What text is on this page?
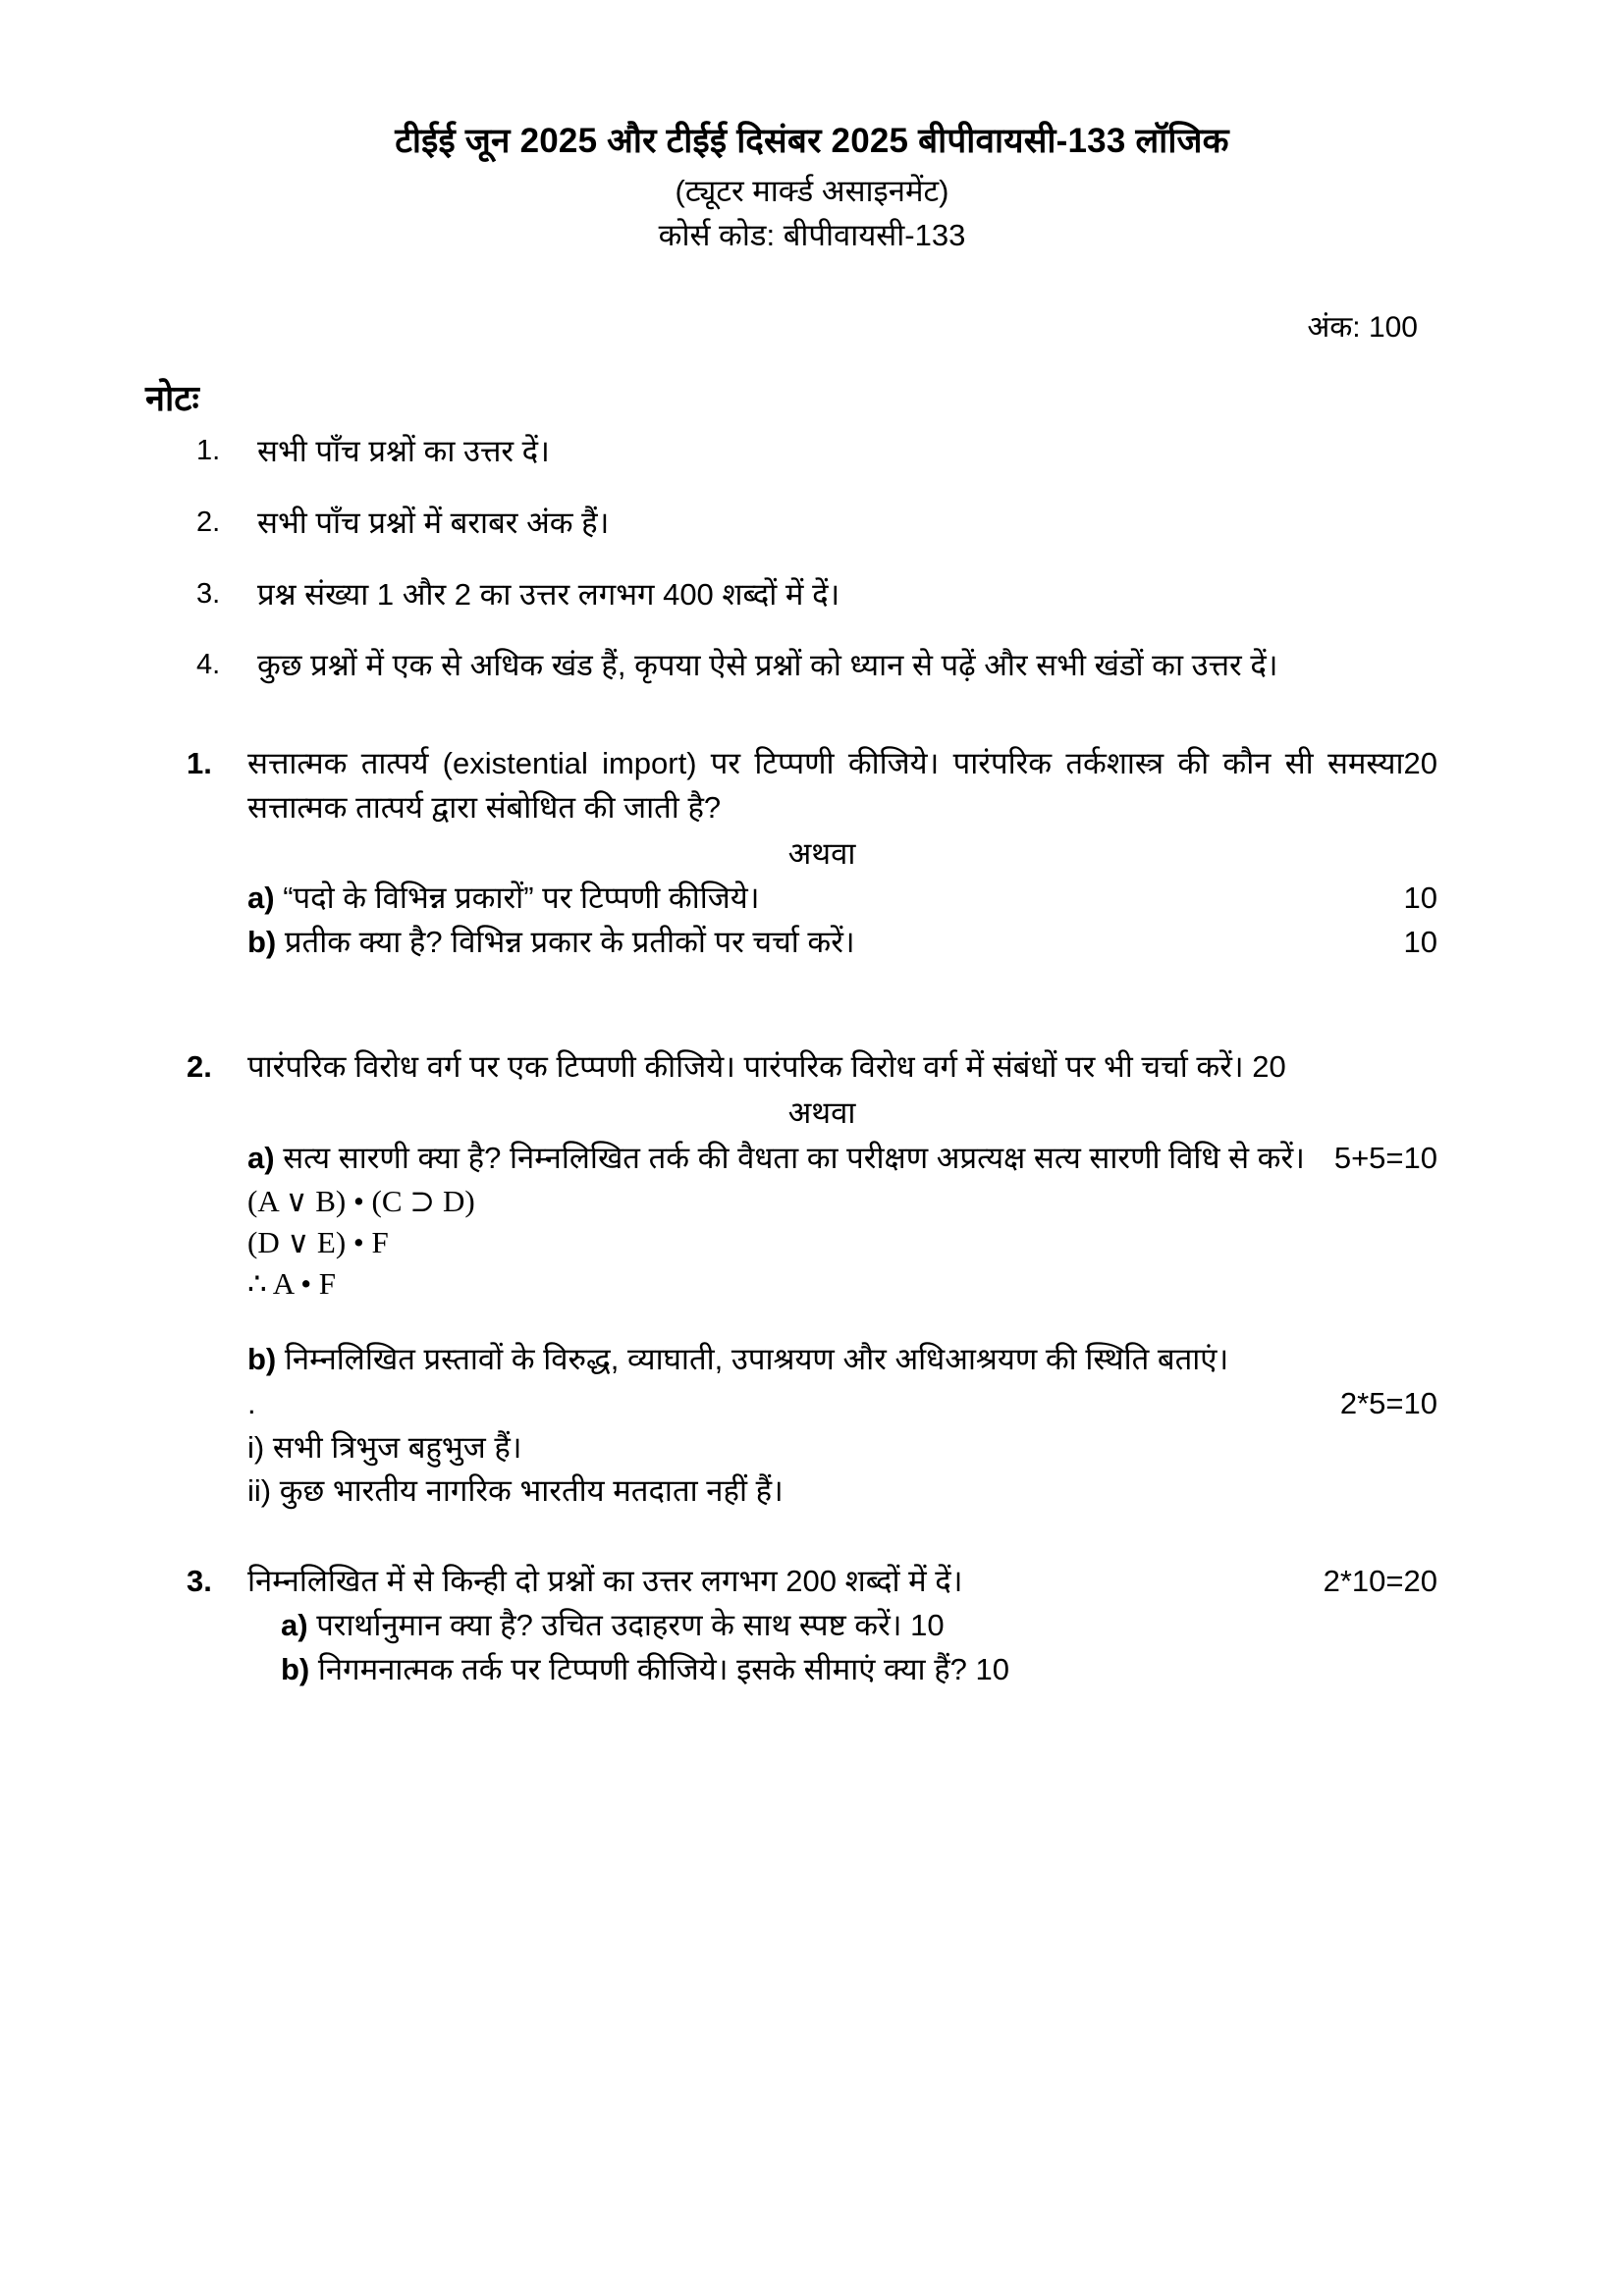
टीईई जून 2025 और टीईई दिसंबर 2025 बीपीवायसी-133 लॉजिक
(ट्यूटर मार्क्ड असाइनमेंट)
कोर्स कोड: बीपीवायसी-133
अंक: 100
नोटः
1. सभी पाँच प्रश्नों का उत्तर दें।
2. सभी पाँच प्रश्नों में बराबर अंक हैं।
3. प्रश्न संख्या 1 और 2 का उत्तर लगभग 400 शब्दों में दें।
4. कुछ प्रश्नों में एक से अधिक खंड हैं, कृपया ऐसे प्रश्नों को ध्यान से पढ़ें और सभी खंडों का उत्तर दें।
1.	20
सत्तात्मक तात्पर्य (existential import) पर टिप्पणी कीजिये। पारंपरिक तर्कशास्त्र की कौन सी समस्या सत्तात्मक तात्पर्य द्वारा संबोधित की जाती है?
अथवा
10
a) “पदो के विभिन्न प्रकारों” पर टिप्पणी कीजिये।
10
b) प्रतीक क्या है? विभिन्न प्रकार के प्रतीकों पर चर्चा करें।
2. पारंपरिक विरोध वर्ग पर एक टिप्पणी कीजिये। पारंपरिक विरोध वर्ग में संबंधों पर भी चर्चा करें। 20
अथवा
5+5=10
a) सत्य सारणी क्या है? निम्नलिखित तर्क की वैधता का परीक्षण अप्रत्यक्ष सत्य सारणी विधि से करें।
(A ∨ B) • (C ⊃ D)
(D ∨ E) • F
∴ A • F
b) निम्नलिखित प्रस्तावों के विरुद्ध, व्याघाती, उपाश्रयण और अधिआश्रयण की स्थिति बताएं।
2*5=10
.
i) सभी त्रिभुज बहुभुज हैं।
ii) कुछ भारतीय नागरिक भारतीय मतदाता नहीं हैं।
3.	2*10=20
निम्नलिखित में से किन्ही दो प्रश्नों का उत्तर लगभग 200 शब्दों में दें।
a) परार्थानुमान क्या है? उचित उदाहरण के साथ स्पष्ट करें। 10
b) निगमनात्मक तर्क पर टिप्पणी कीजिये। इसके सीमाएं क्या हैं? 10
